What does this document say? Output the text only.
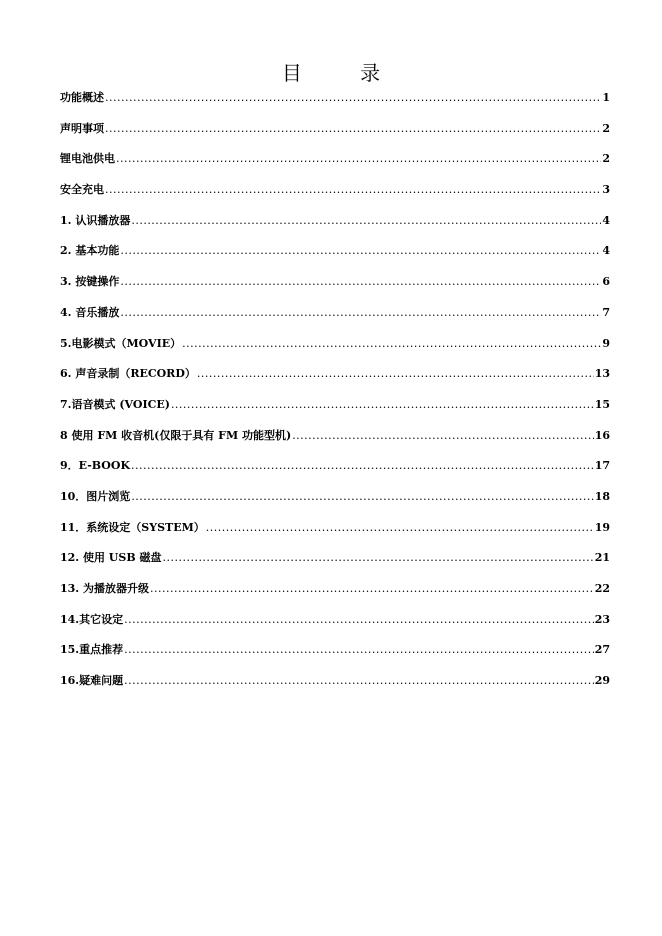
目 录
功能概述 .....	1
声明事项 .....	2
锂电池供电 .....	2
安全充电 .....	3
1. 认识播放器 .....	4
2. 基本功能 .....	4
3. 按键操作 .....	6
4. 音乐播放 .....	7
5.电影模式（MOVIE） .....	9
6. 声音录制（RECORD） .....	13
7.语音模式 (VOICE) .....	15
8 使用 FM 收音机(仅限于具有 FM 功能型机) .....	16
9．E-BOOK .....	17
10．图片浏览 .....	18
11．系统设定（SYSTEM） .....	19
12. 使用 USB 磁盘 .....	21
13. 为播放器升级 .....	22
14.其它设定 .....	23
15.重点推荐 .....	27
16.疑难问题 .....	29
